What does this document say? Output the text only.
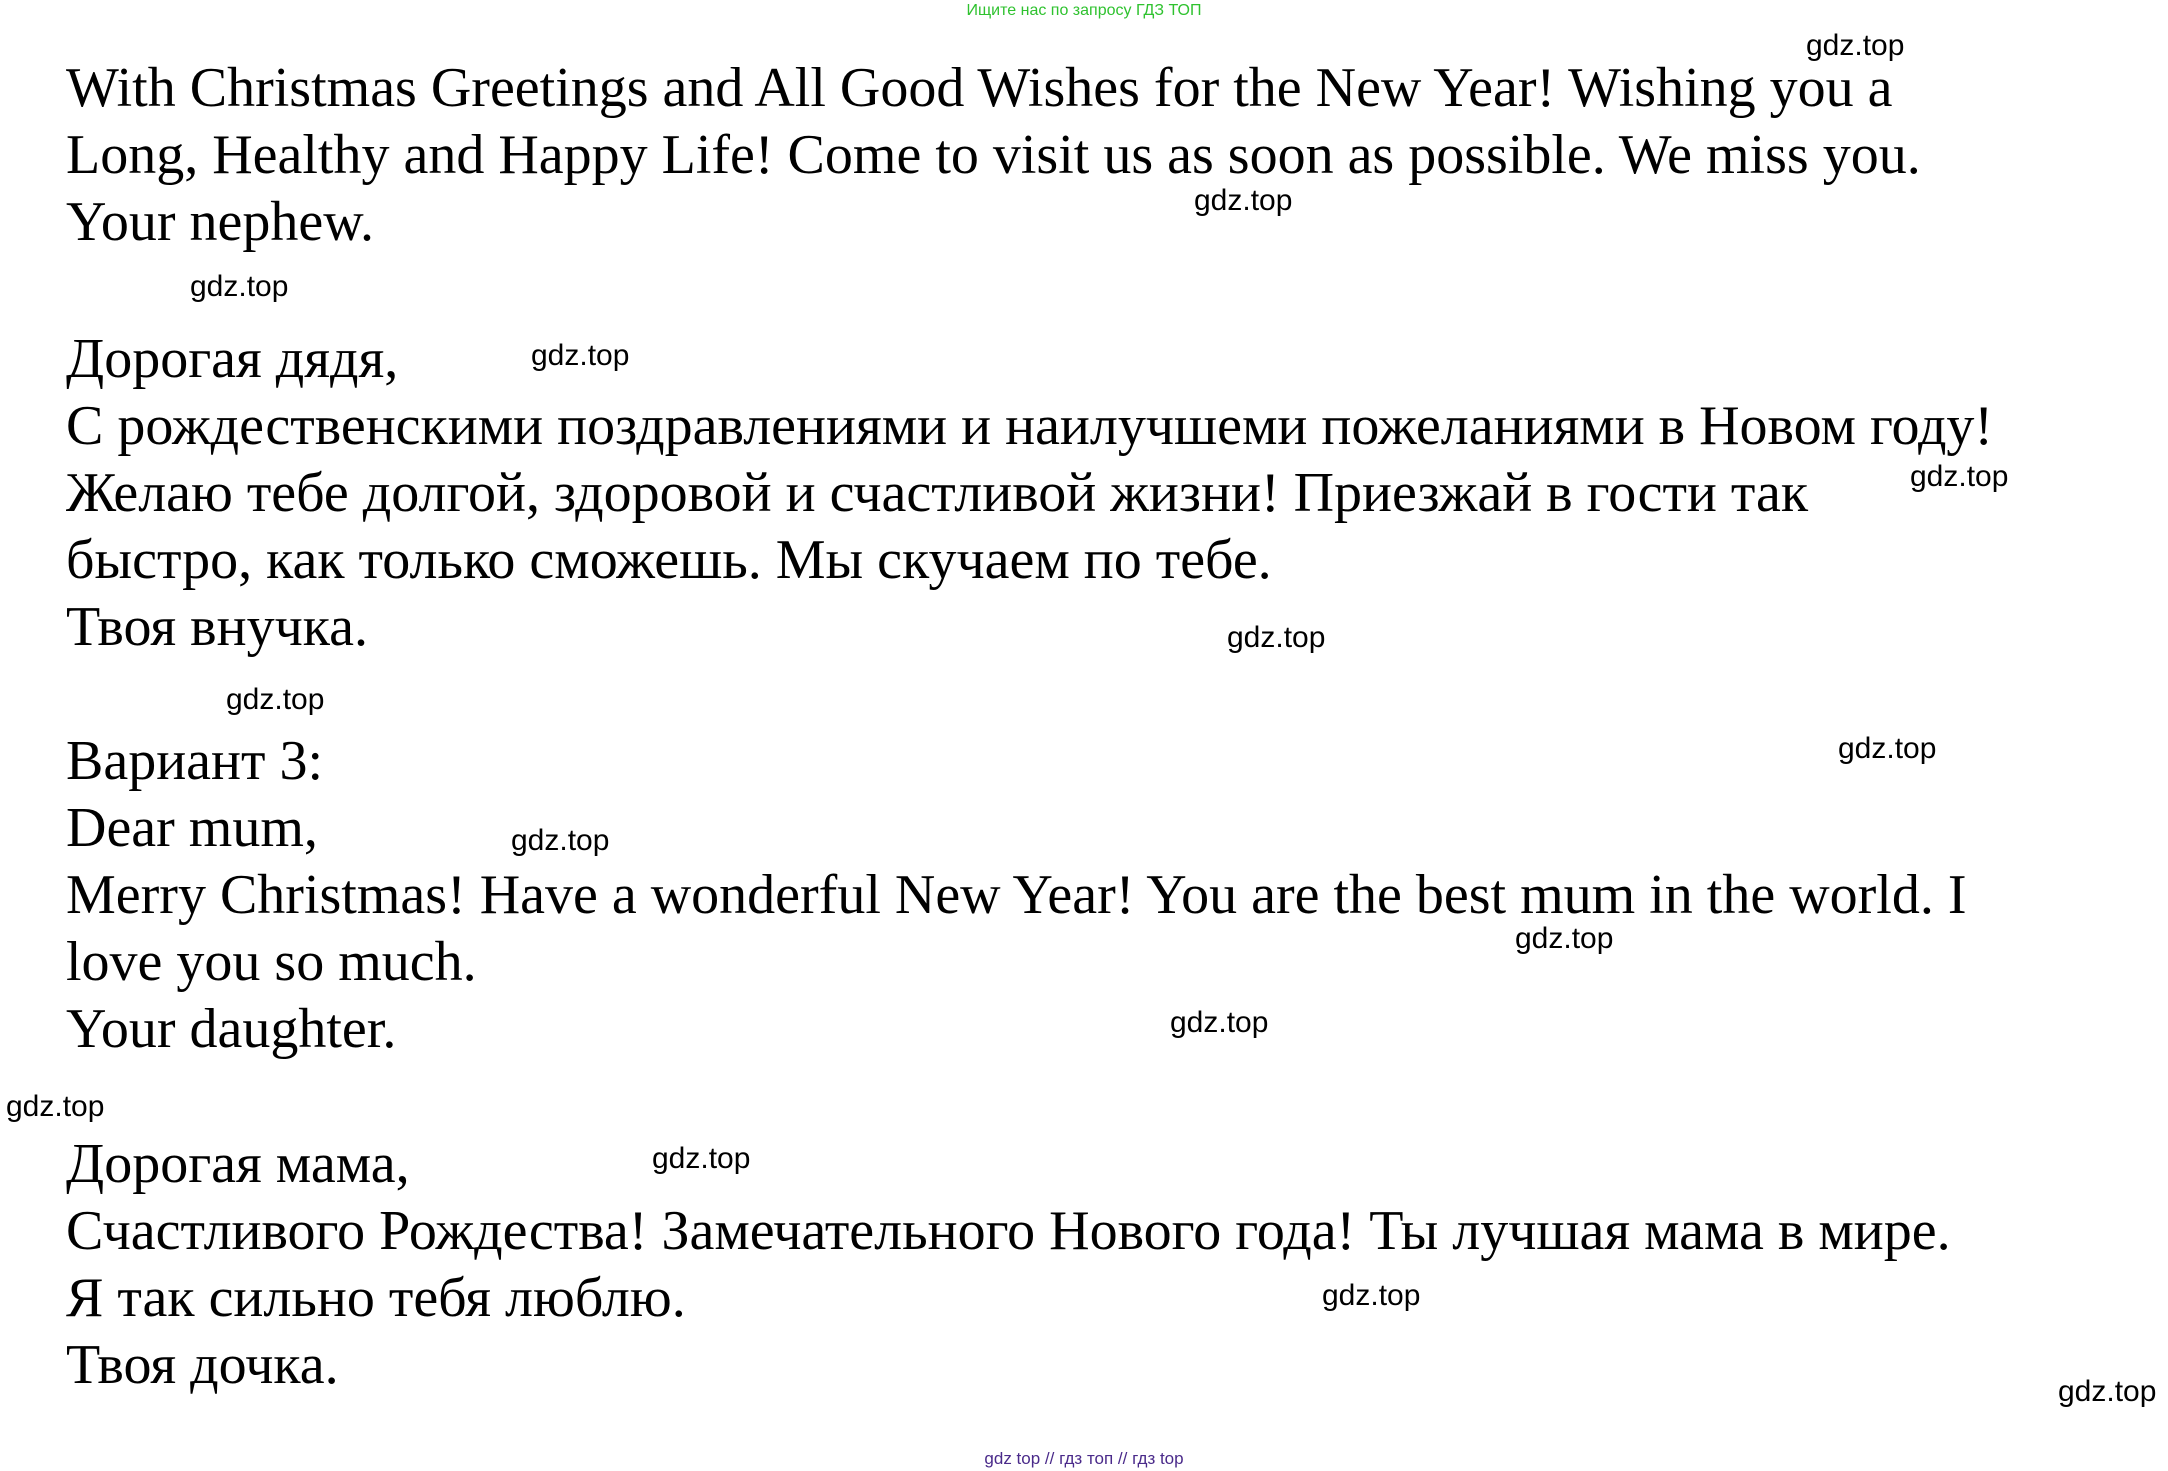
Ищите нас по запросу ГДЗ ТОП
With Christmas Greetings and All Good Wishes for the New Year! Wishing you a
Long, Healthy and Happy Life! Come to visit us as soon as possible. We miss you.
Your nephew.
Дорогая дядя,
С рождественскими поздравлениями и наилучшеми пожеланиями в Новом году!
Желаю тебе долгой, здоровой и счастливой жизни! Приезжай в гости так
быстро, как только сможешь. Мы скучаем по тебе.
Твоя внучка.
Вариант 3:
Dear mum,
Merry Christmas! Have a wonderful New Year! You are the best mum in the world. I
love you so much.
Your daughter.
Дорогая мама,
Счастливого Рождества! Замечательного Нового года! Ты лучшая мама в мире.
Я так сильно тебя люблю.
Твоя дочка.
gdz.top
gdz.top
gdz.top
gdz.top
gdz.top
gdz.top
gdz.top
gdz.top
gdz.top
gdz.top
gdz.top
gdz.top
gdz.top
gdz.top
gdz.top
gdz top // гдз топ // гдз top
